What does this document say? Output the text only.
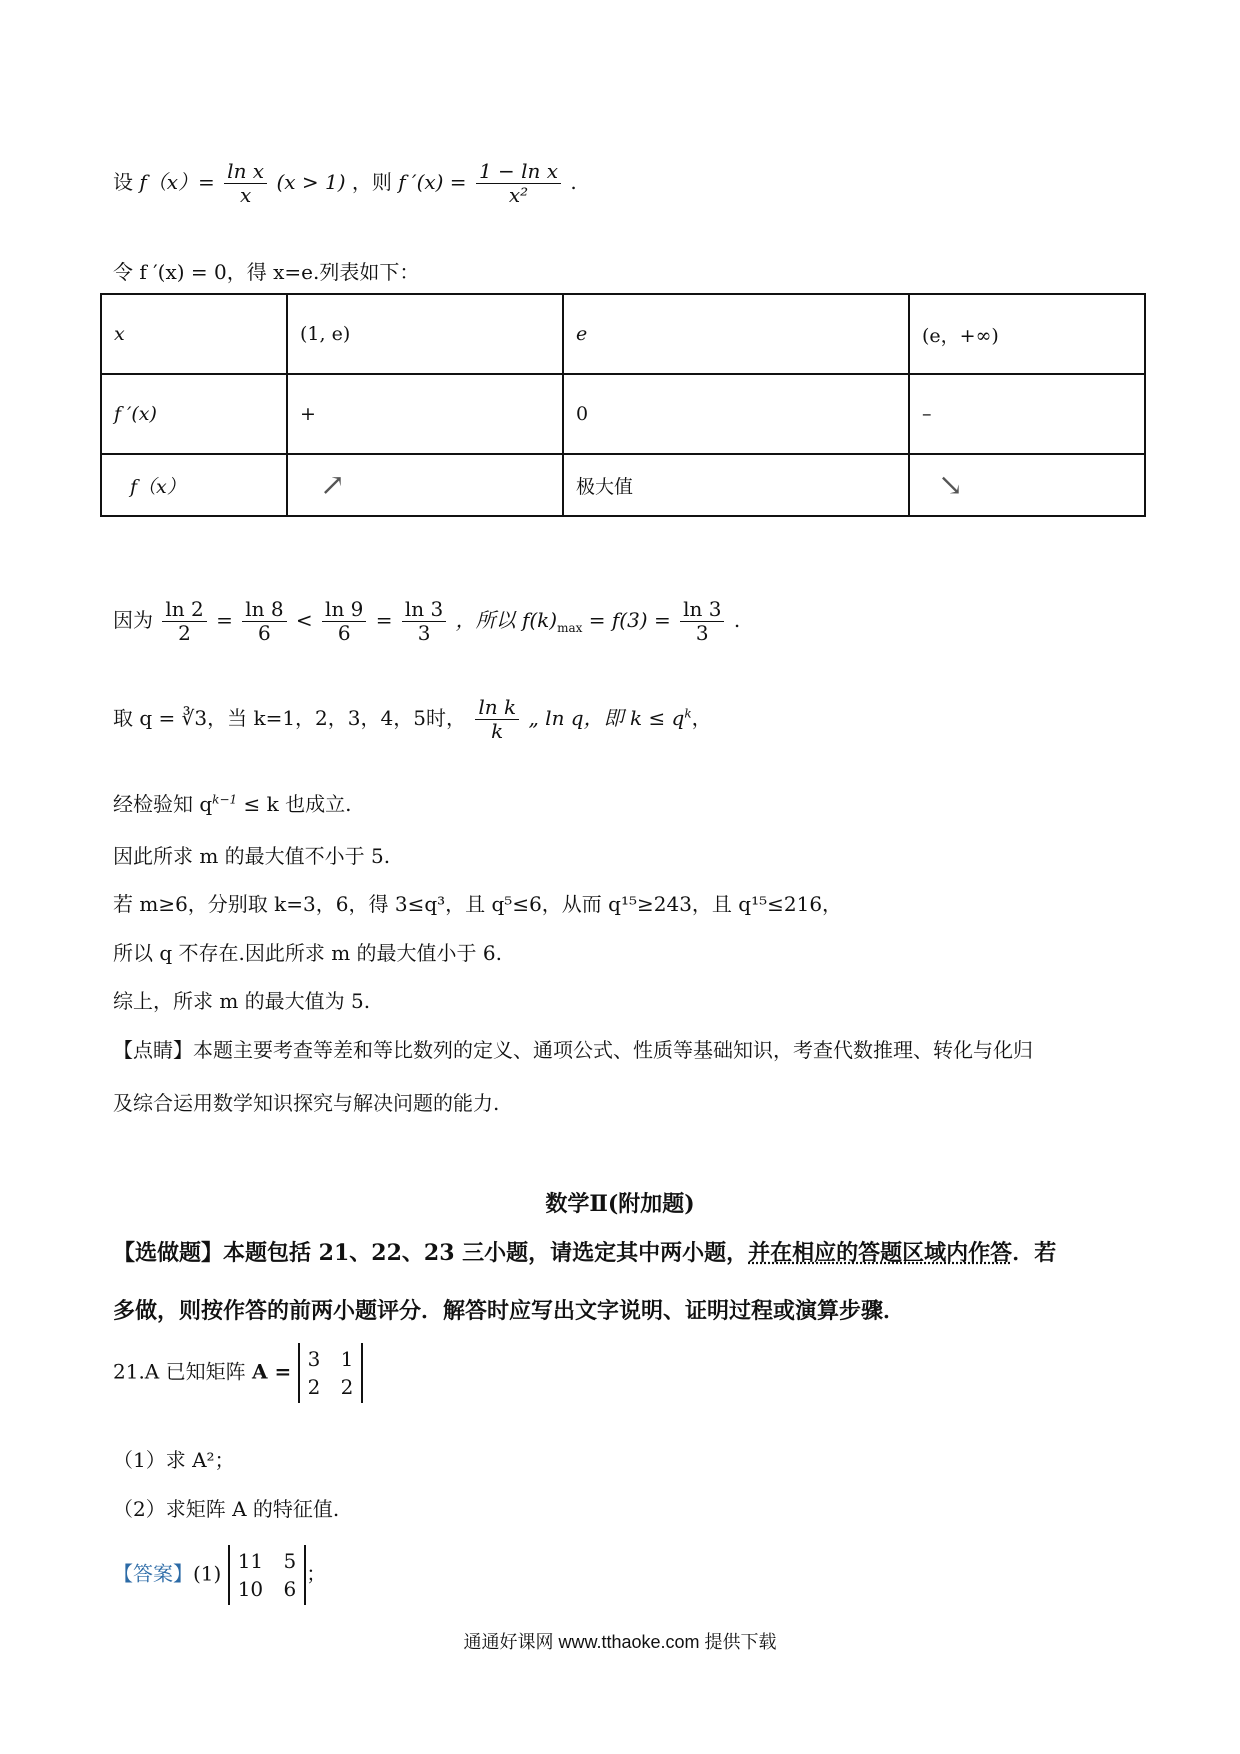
设 $f(x)= \frac{\text{ln x}}{x} (x > 1)$ ，则 f $'(x) = \frac{\text{1 − ln x}}{\text{x²}}$ .
令 f ′(x) = 0，得 x=e.列表如下：
x	(1, e)	e	(e，+∞)
f ′(x)	+	0	–
f（x）	↗	极大值	↘
因为 $\frac{\ln 2}{2} = \frac{\ln 8}{6} < \frac{\ln 9}{6} = \frac{\ln 3}{3}$ ，所以 $f(k)_{max} = f(3) = \frac{\ln 3}{3}$ .
取 q = ∛3，当 k=1，2，3，4，5时， $\frac{\text{ln k}}{k}$ „ ln q，即 $k \le q^k$，
经检验知 $q^{k-1} \le k$ 也成立.
因此所求 m 的最大值不小于 5.
若 m≥6，分别取 k=3，6，得 3≤q³，且 q⁵≤6，从而 q¹⁵≥243，且 q¹⁵≤216，
所以 q 不存在.因此所求 m 的最大值小于 6.
综上，所求 m 的最大值为 5.
【点睛】本题主要考查等差和等比数列的定义、通项公式、性质等基础知识，考查代数推理、转化与化归
及综合运用数学知识探究与解决问题的能力.
数学Ⅱ(附加题)
【选做题】本题包括 21、22、23 三小题，请选定其中两小题，并在相应的答题区域内作答．若
多做，则按作答的前两小题评分．解答时应写出文字说明、证明过程或演算步骤．
21.A 已知矩阵 A =
3 1
2 2
（1）求 A²；
（2）求矩阵 A 的特征值.
【答案】(1)
11 5
10 6
；
通通好课网 www.tthaoke.com 提供下载
